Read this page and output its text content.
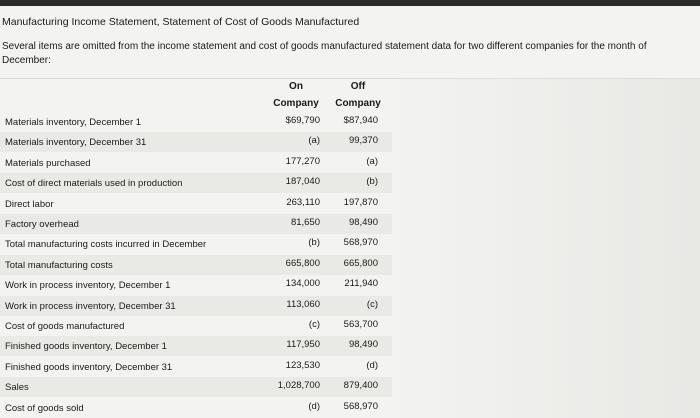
Manufacturing Income Statement, Statement of Cost of Goods Manufactured
Several items are omitted from the income statement and cost of goods manufactured statement data for two different companies for the month of December:
On
Company
Off
Company
Materials inventory, December 1	$69,790 $87,940
Materials inventory, December 31	(a)	99,370
Materials purchased	177,270	(a)
Cost of direct materials used in production	187,040	(b)
Direct labor	263,110 197,870
Factory overhead	81,650	98,490
Total manufacturing costs incurred in December	(b) 568,970
Total manufacturing costs	665,800 665,800
Work in process inventory, December 1	134,000	211,940
Work in process inventory, December 31	113,060	(c)
Cost of goods manufactured	(c) 563,700
Finished goods inventory, December 1	117,950	98,490
Finished goods inventory, December 31	123,530	(d)
Sales	1,028,700 879,400
Cost of goods sold	(d) 568,970
